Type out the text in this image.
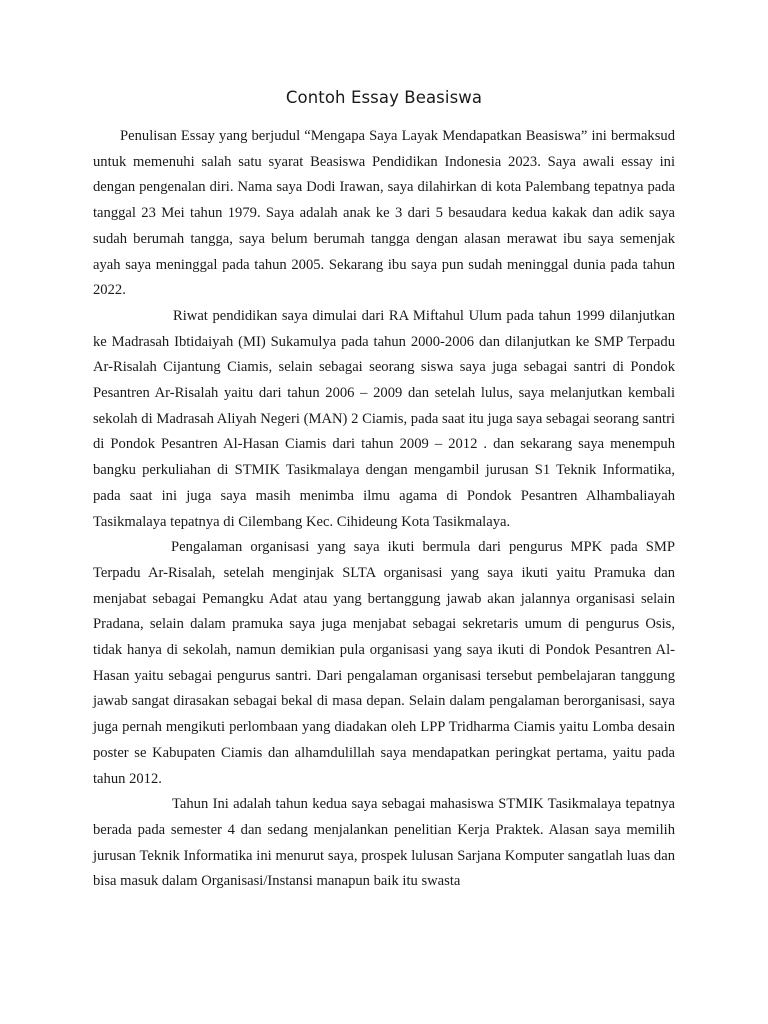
Contoh Essay Beasiswa

Penulisan Essay yang berjudul “Mengapa Saya Layak Mendapatkan Beasiswa” ini bermaksud untuk memenuhi salah satu syarat Beasiswa Pendidikan Indonesia 2023. Saya awali essay ini dengan pengenalan diri. Nama saya Dodi Irawan, saya dilahirkan di kota Palembang tepatnya pada tanggal 23 Mei tahun 1979. Saya adalah anak ke 3 dari 5 besaudara kedua kakak dan adik saya sudah berumah tangga, saya belum berumah tangga dengan alasan merawat ibu saya semenjak ayah saya meninggal pada tahun 2005. Sekarang ibu saya pun sudah meninggal dunia pada tahun 2022.

Riwat pendidikan saya dimulai dari RA Miftahul Ulum pada tahun 1999 dilanjutkan ke Madrasah Ibtidaiyah (MI) Sukamulya pada tahun 2000-2006 dan dilanjutkan ke SMP Terpadu Ar-Risalah Cijantung Ciamis, selain sebagai seorang siswa saya juga sebagai santri di Pondok Pesantren Ar-Risalah yaitu dari tahun 2006 – 2009 dan setelah lulus, saya melanjutkan kembali sekolah di Madrasah Aliyah Negeri (MAN) 2 Ciamis, pada saat itu juga saya sebagai seorang santri di Pondok Pesantren Al-Hasan Ciamis dari tahun 2009 – 2012 . dan sekarang saya menempuh bangku perkuliahan di STMIK Tasikmalaya dengan mengambil jurusan S1 Teknik Informatika, pada saat ini juga saya masih menimba ilmu agama di Pondok Pesantren Alhambaliayah Tasikmalaya tepatnya di Cilembang Kec. Cihideung Kota Tasikmalaya.

Pengalaman organisasi yang saya ikuti bermula dari pengurus MPK pada SMP Terpadu Ar-Risalah, setelah menginjak SLTA organisasi yang saya ikuti yaitu Pramuka dan menjabat sebagai Pemangku Adat atau yang bertanggung jawab akan jalannya organisasi selain Pradana, selain dalam pramuka saya juga menjabat sebagai sekretaris umum di pengurus Osis, tidak hanya di sekolah, namun demikian pula organisasi yang saya ikuti di Pondok Pesantren Al- Hasan yaitu sebagai pengurus santri. Dari pengalaman organisasi tersebut pembelajaran tanggung jawab sangat dirasakan sebagai bekal di masa depan. Selain dalam pengalaman berorganisasi, saya juga pernah mengikuti perlombaan yang diadakan oleh LPP Tridharma Ciamis yaitu Lomba desain poster se Kabupaten Ciamis dan alhamdulillah saya mendapatkan peringkat pertama, yaitu pada tahun 2012.

Tahun Ini adalah tahun kedua saya sebagai mahasiswa STMIK Tasikmalaya tepatnya berada pada semester 4 dan sedang menjalankan penelitian Kerja Praktek. Alasan saya memilih jurusan Teknik Informatika ini menurut saya, prospek lulusan Sarjana Komputer sangatlah luas dan bisa masuk dalam Organisasi/Instansi manapun baik itu swasta
